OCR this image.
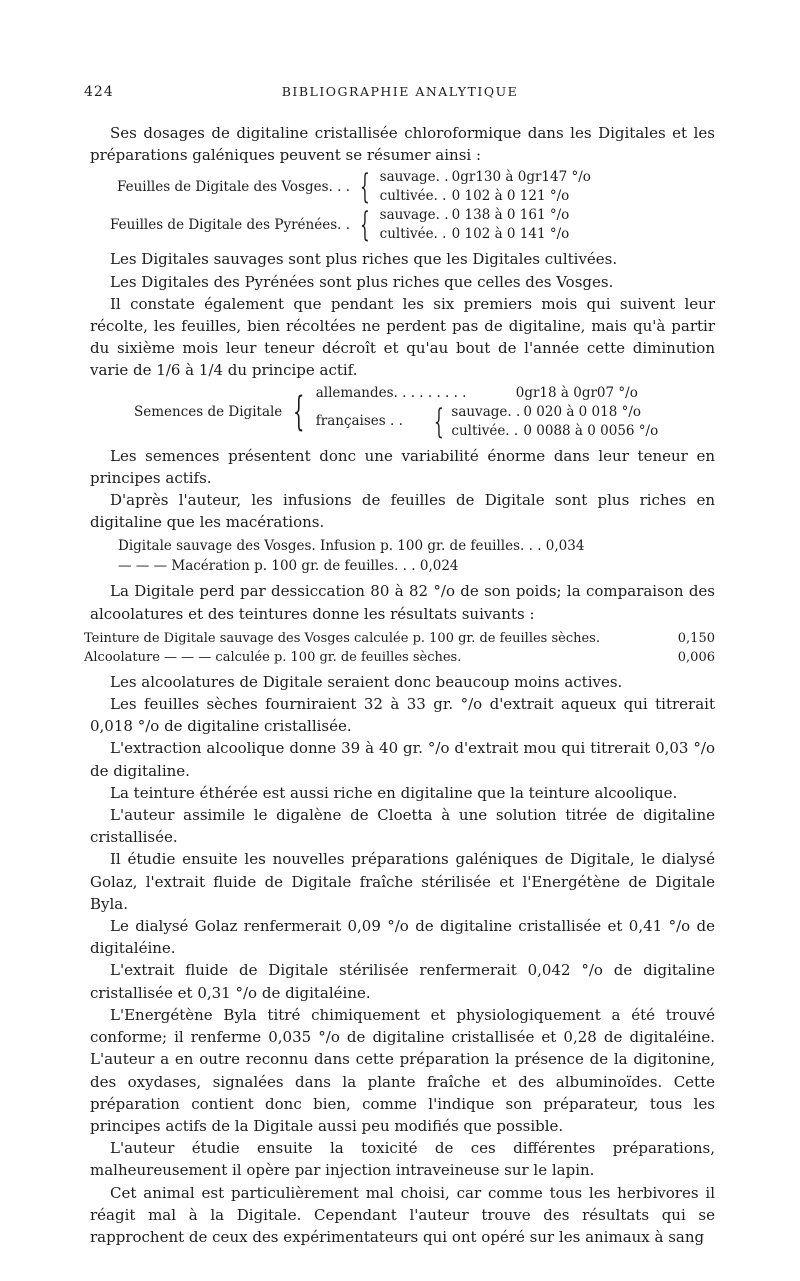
424	BIBLIOGRAPHIE ANALYTIQUE

Ses dosages de digitaline cristallisée chloroformique dans les Digitales et les préparations galéniques peuvent se résumer ainsi :

Feuilles de Digitale des Vosges. . . { sauvage. . 0gr130 à 0gr147 °/o
cultivée. . 0 102 à 0 121 °/o
Feuilles de Digitale des Pyrénées. . { sauvage. . 0 138 à 0 161 °/o
cultivée. . 0 102 à 0 141 °/o

Les Digitales sauvages sont plus riches que les Digitales cultivées.

Les Digitales des Pyrénées sont plus riches que celles des Vosges.

Il constate également que pendant les six premiers mois qui suivent leur récolte, les feuilles, bien récoltées ne perdent pas de digitaline, mais qu'à partir du sixième mois leur teneur décroît et qu'au bout de l'année cette diminution varie de 1/6 à 1/4 du principe actif.

Semences de Digitale { allemandes. . . . . . . . .	0gr18 à 0gr07 °/o
françaises . . { sauvage. . 0 020 à 0 018 °/o
cultivée. . 0 0088 à 0 0056 °/o

Les semences présentent donc une variabilité énorme dans leur teneur en principes actifs.

D'après l'auteur, les infusions de feuilles de Digitale sont plus riches en digitaline que les macérations.

Digitale sauvage des Vosges. Infusion p. 100 gr. de feuilles. . . 0,034
— — — Macération p. 100 gr. de feuilles. . . 0,024

La Digitale perd par dessiccation 80 à 82 °/o de son poids; la comparaison des alcoolatures et des teintures donne les résultats suivants :

Teinture de Digitale sauvage des Vosges calculée p. 100 gr. de feuilles sèches.	0,150
Alcoolature — — — calculée p. 100 gr. de feuilles sèches.	0,006

Les alcoolatures de Digitale seraient donc beaucoup moins actives.

Les feuilles sèches fourniraient 32 à 33 gr. °/o d'extrait aqueux qui titrerait 0,018 °/o de digitaline cristallisée.

L'extraction alcoolique donne 39 à 40 gr. °/o d'extrait mou qui titrerait 0,03 °/o de digitaline.

La teinture éthérée est aussi riche en digitaline que la teinture alcoolique.

L'auteur assimile le digalène de Cloetta à une solution titrée de digitaline cristallisée.

Il étudie ensuite les nouvelles préparations galéniques de Digitale, le dialysé Golaz, l'extrait fluide de Digitale fraîche stérilisée et l'Energétène de Digitale Byla.

Le dialysé Golaz renfermerait 0,09 °/o de digitaline cristallisée et 0,41 °/o de digitaléine.

L'extrait fluide de Digitale stérilisée renfermerait 0,042 °/o de digitaline cristallisée et 0,31 °/o de digitaléine.

L'Energétène Byla titré chimiquement et physiologiquement a été trouvé conforme; il renferme 0,035 °/o de digitaline cristallisée et 0,28 de digitaléine. L'auteur a en outre reconnu dans cette préparation la présence de la digitonine, des oxydases, signalées dans la plante fraîche et des albuminoïdes. Cette préparation contient donc bien, comme l'indique son préparateur, tous les principes actifs de la Digitale aussi peu modifiés que possible.

L'auteur étudie ensuite la toxicité de ces différentes préparations, malheureusement il opère par injection intraveineuse sur le lapin.

Cet animal est particulièrement mal choisi, car comme tous les herbivores il réagit mal à la Digitale. Cependant l'auteur trouve des résultats qui se rapprochent de ceux des expérimentateurs qui ont opéré sur les animaux à sang
